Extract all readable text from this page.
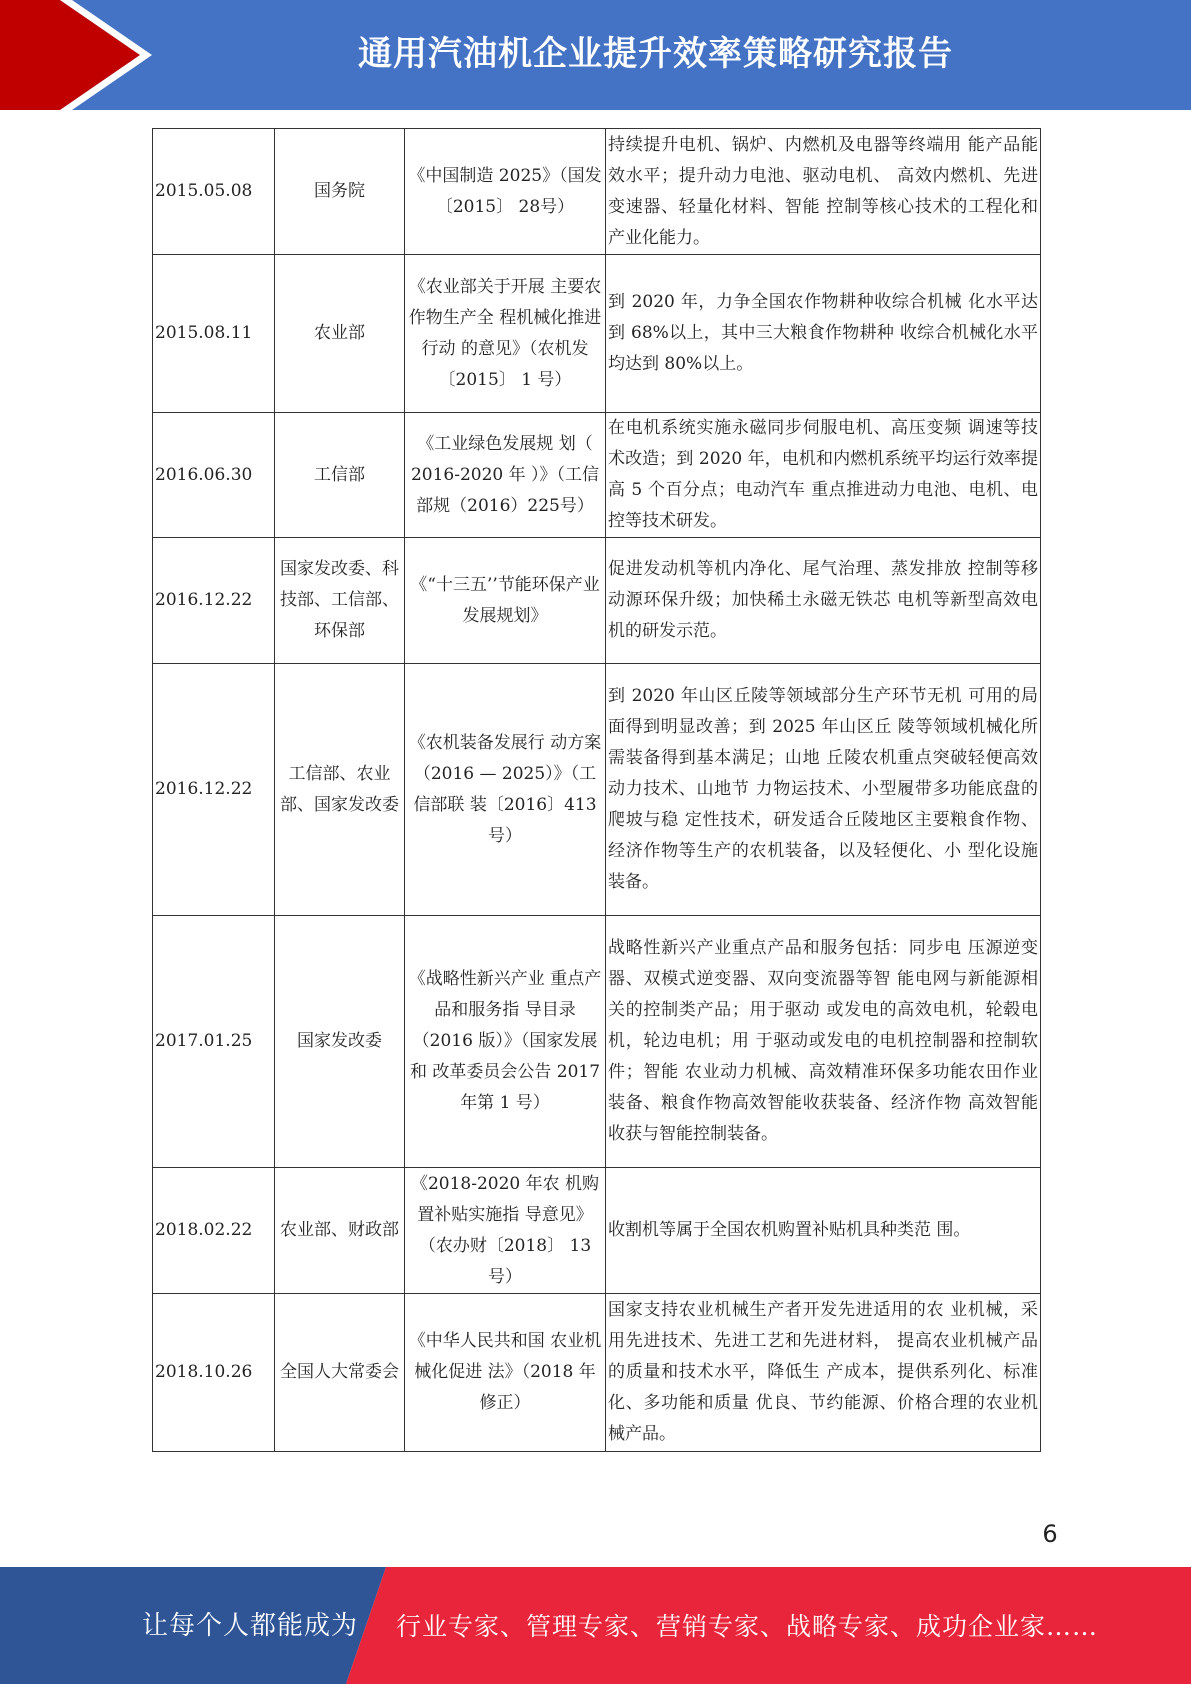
通用汽油机企业提升效率策略研究报告
2015.05.08	国务院	《中国制造 2025》（国发〔2015〕 28号）	持续提升电机、锅炉、内燃机及电器等终端用 能产品能效水平；提升动力电池、驱动电机、 高效内燃机、先进变速器、轻量化材料、智能 控制等核心技术的工程化和产业化能力。
2015.08.11	农业部	《农业部关于开展 主要农作物生产全 程机械化推进行动 的意见》（农机发〔2015〕 1 号）	到 2020 年，力争全国农作物耕种收综合机械 化水平达到 68%以上，其中三大粮食作物耕种 收综合机械化水平均达到 80%以上。
2016.06.30	工信部	《工业绿色发展规 划（ 2016-2020 年 ）》（工信部规（2016）225号）	在电机系统实施永磁同步伺服电机、高压变频 调速等技术改造；到 2020 年，电机和内燃机系统平均运行效率提高 5 个百分点；电动汽车 重点推进动力电池、电机、电控等技术研发。
2016.12.22	国家发改委、科技部、工信部、环保部	《“十三五’’节能环保产业发展规划》	促进发动机等机内净化、尾气治理、蒸发排放 控制等移动源环保升级；加快稀土永磁无铁芯 电机等新型高效电机的研发示范。
2016.12.22	工信部、农业部、国家发改委	《农机装备发展行 动方案（2016 — 2025）》（工信部联 装〔2016〕413 号）	到 2020 年山区丘陵等领域部分生产环节无机 可用的局面得到明显改善；到 2025 年山区丘 陵等领域机械化所需装备得到基本满足；山地 丘陵农机重点突破轻便高效动力技术、山地节 力物运技术、小型履带多功能底盘的爬坡与稳 定性技术，研发适合丘陵地区主要粮食作物、 经济作物等生产的农机装备，以及轻便化、小 型化设施装备。
2017.01.25	国家发改委	《战略性新兴产业 重点产品和服务指 导目录（2016 版）》（国家发展和 改革委员会公告 2017 年第 1 号）	战略性新兴产业重点产品和服务包括：同步电 压源逆变器、双模式逆变器、双向变流器等智 能电网与新能源相关的控制类产品；用于驱动 或发电的高效电机，轮毂电机，轮边电机；用 于驱动或发电的电机控制器和控制软件；智能 农业动力机械、高效精准环保多功能农田作业 装备、粮食作物高效智能收获装备、经济作物 高效智能收获与智能控制装备。
2018.02.22	农业部、财政部	《2018-2020 年农 机购置补贴实施指 导意见》（农办财〔2018〕 13 号）	收割机等属于全国农机购置补贴机具种类范 围。
2018.10.26	全国人大常委会	《中华人民共和国 农业机械化促进 法》（2018 年修正）	国家支持农业机械生产者开发先进适用的农 业机械，采用先进技术、先进工艺和先进材料， 提高农业机械产品的质量和技术水平，降低生 产成本，提供系列化、标准化、多功能和质量 优良、节约能源、价格合理的农业机械产品。
6
让每个人都能成为 行业专家、管理专家、营销专家、战略专家、成功企业家……
